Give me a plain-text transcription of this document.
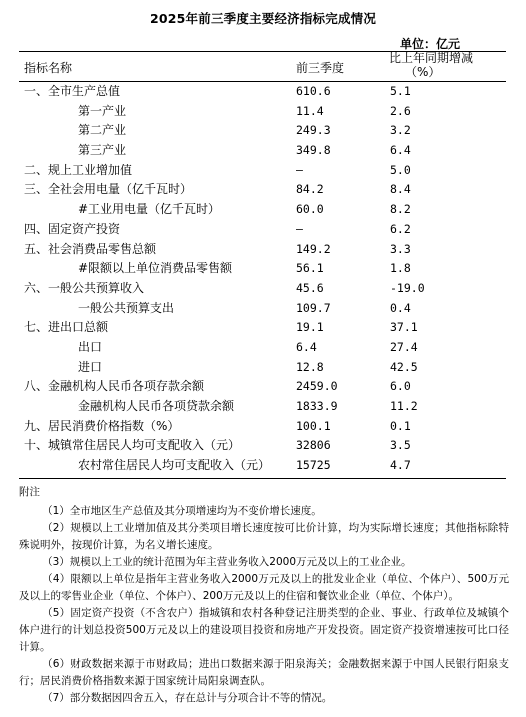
2025年前三季度主要经济指标完成情况
单位：亿元
指标名称	前三季度
比上年同期增减
（%）
一、全市生产总值	610.6	5.1
第一产业	11.4	2.6
第二产业	249.3	3.2
第三产业	349.8	6.4
二、规上工业增加值	—	5.0
三、全社会用电量（亿千瓦时）	84.2	8.4
#工业用电量（亿千瓦时）	60.0	8.2
四、固定资产投资	—	6.2
五、社会消费品零售总额	149.2	3.3
#限额以上单位消费品零售额	56.1	1.8
六、一般公共预算收入	45.6	-19.0
一般公共预算支出	109.7	0.4
七、进出口总额	19.1	37.1
出口	6.4	27.4
进口	12.8	42.5
八、金融机构人民币各项存款余额	2459.0	6.0
金融机构人民币各项贷款余额	1833.9	11.2
九、居民消费价格指数（%）	100.1	0.1
十、城镇常住居民人均可支配收入（元）	32806	3.5
农村常住居民人均可支配收入（元） 15725	4.7
附注

（1）全市地区生产总值及其分项增速均为不变价增长速度。

（2）规模以上工业增加值及其分类项目增长速度按可比价计算，均为实际增长速度；其他指标除特殊说明外，按现价计算，为名义增长速度。

（3）规模以上工业的统计范围为年主营业务收入2000万元及以上的工业企业。

（4）限额以上单位是指年主营业务收入2000万元及以上的批发业企业（单位、个体户）、500万元及以上的零售业企业（单位、个体户）、200万元及以上的住宿和餐饮业企业（单位、个体户）。

（5）固定资产投资（不含农户）指城镇和农村各种登记注册类型的企业、事业、行政单位及城镇个体户进行的计划总投资500万元及以上的建设项目投资和房地产开发投资。固定资产投资增速按可比口径计算。

（6）财政数据来源于市财政局；进出口数据来源于阳泉海关；金融数据来源于中国人民银行阳泉支行；居民消费价格指数来源于国家统计局阳泉调查队。

（7）部分数据因四舍五入，存在总计与分项合计不等的情况。
